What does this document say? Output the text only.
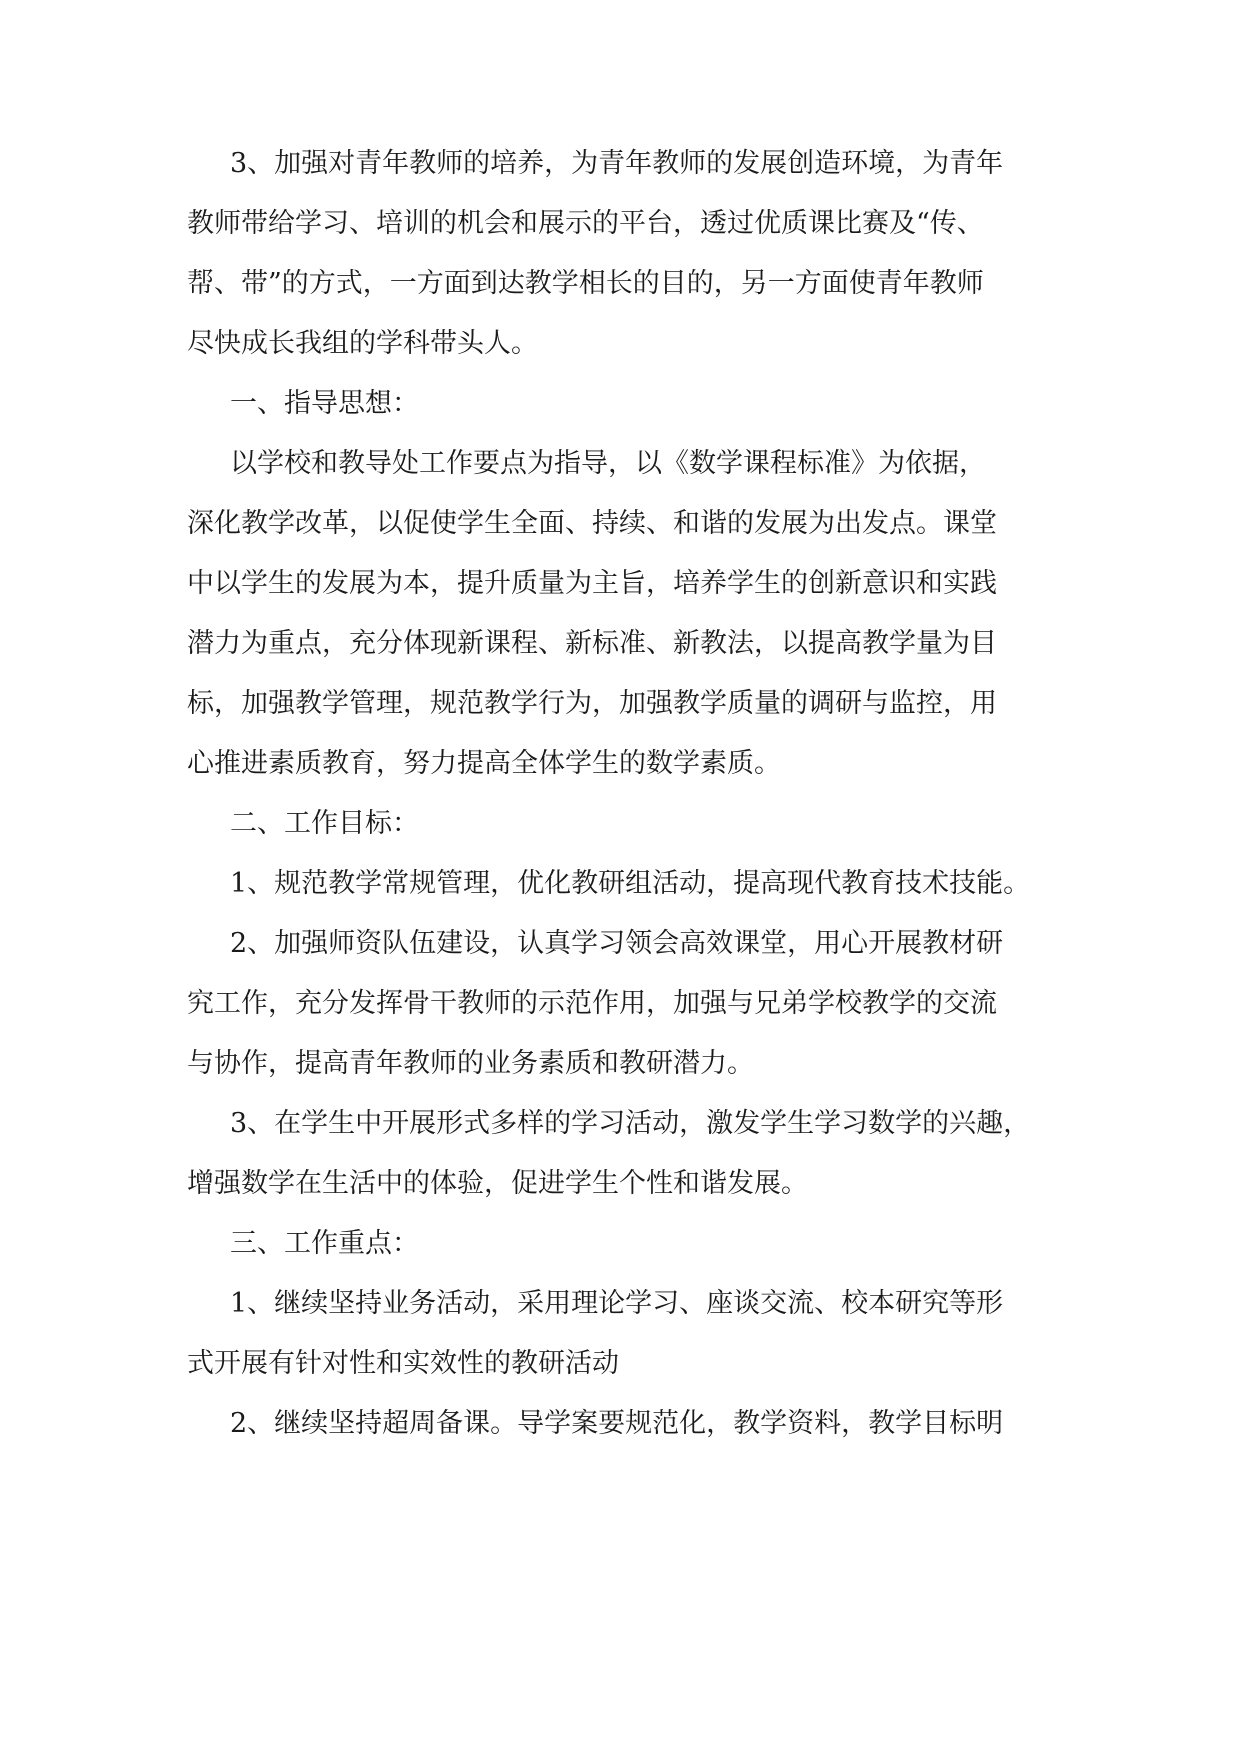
3、加强对青年教师的培养，为青年教师的发展创造环境，为青年
教师带给学习、培训的机会和展示的平台，透过优质课比赛及“传、
帮、带”的方式，一方面到达教学相长的目的，另一方面使青年教师
尽快成长我组的学科带头人。
一、指导思想：
以学校和教导处工作要点为指导，以《数学课程标准》为依据，
深化教学改革，以促使学生全面、持续、和谐的发展为出发点。课堂
中以学生的发展为本，提升质量为主旨，培养学生的创新意识和实践
潜力为重点，充分体现新课程、新标准、新教法，以提高教学量为目
标，加强教学管理，规范教学行为，加强教学质量的调研与监控，用
心推进素质教育，努力提高全体学生的数学素质。
二、工作目标：
1、规范教学常规管理，优化教研组活动，提高现代教育技术技能。
2、加强师资队伍建设，认真学习领会高效课堂，用心开展教材研
究工作，充分发挥骨干教师的示范作用，加强与兄弟学校教学的交流
与协作，提高青年教师的业务素质和教研潜力。
3、在学生中开展形式多样的学习活动，激发学生学习数学的兴趣，
增强数学在生活中的体验，促进学生个性和谐发展。
三、工作重点：
1、继续坚持业务活动，采用理论学习、座谈交流、校本研究等形
式开展有针对性和实效性的教研活动
2、继续坚持超周备课。导学案要规范化，教学资料，教学目标明
